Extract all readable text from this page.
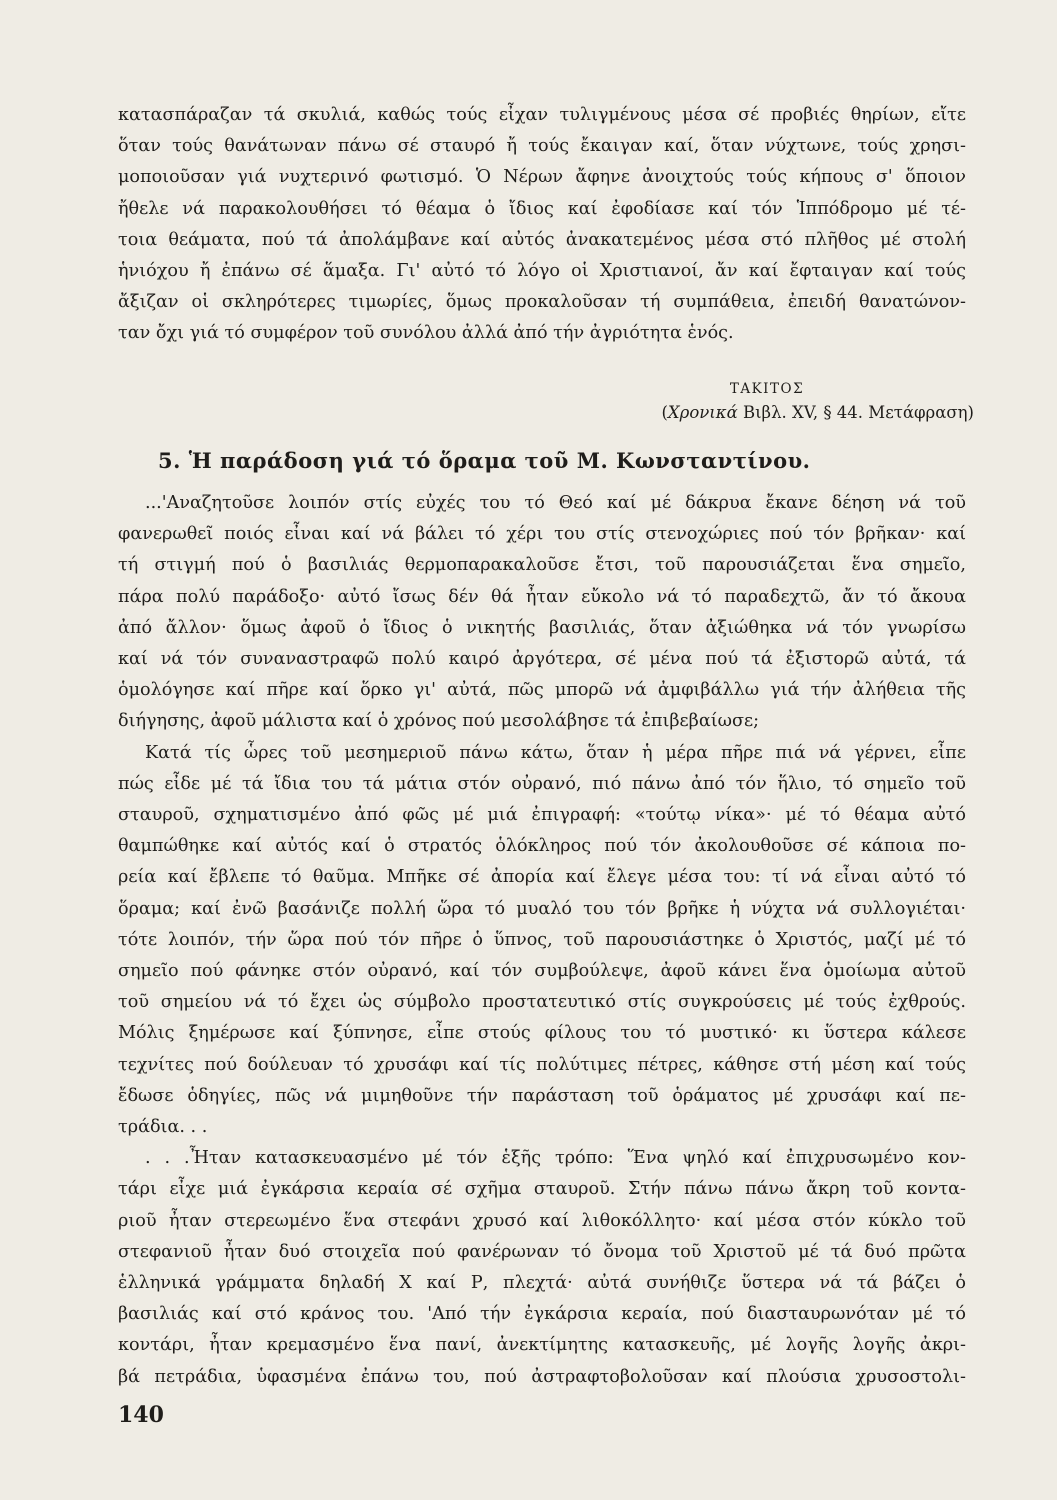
κατασπάραζαν τά σκυλιά, καθώς τούς εἶχαν τυλιγμένους μέσα σέ προβιές θηρίων, εἴτε
ὅταν τούς θανάτωναν πάνω σέ σταυρό ἤ τούς ἔκαιγαν καί, ὅταν νύχτωνε, τούς χρησι-
μοποιοῦσαν γιά νυχτερινό φωτισμό. Ὁ Νέρων ἄφηνε ἀνοιχτούς τούς κήπους σ' ὅποιον
ἤθελε νά παρακολουθήσει τό θέαμα ὁ ἴδιος καί ἐφοδίασε καί τόν Ἱππόδρομο μέ τέ-
τοια θεάματα, πού τά ἀπολάμβανε καί αὐτός ἀνακατεμένος μέσα στό πλῆθος μέ στολή
ἡνιόχου ἤ ἐπάνω σέ ἅμαξα. Γι' αὐτό τό λόγο οἱ Χριστιανοί, ἄν καί ἔφταιγαν καί τούς
ἄξιζαν οἱ σκληρότερες τιμωρίες, ὅμως προκαλοῦσαν τή συμπάθεια, ἐπειδή θανατώνον-
ταν ὄχι γιά τό συμφέρον τοῦ συνόλου ἀλλά ἀπό τήν ἀγριότητα ἑνός.
ΤΑΚΙΤΟΣ
(Χρονικά Βιβλ. XV, § 44. Μετάφραση)
5. Ἡ παράδοση γιά τό ὅραμα τοῦ Μ. Κωνσταντίνου.
...'Αναζητοῦσε λοιπόν στίς εὐχές του τό Θεό καί μέ δάκρυα ἔκανε δέηση νά τοῦ
φανερωθεῖ ποιός εἶναι καί νά βάλει τό χέρι του στίς στενοχώριες πού τόν βρῆκαν· καί
τή στιγμή πού ὁ βασιλιάς θερμοπαρακαλοῦσε ἔτσι, τοῦ παρουσιάζεται ἕνα σημεῖο,
πάρα πολύ παράδοξο· αὐτό ἴσως δέν θά ἦταν εὔκολο νά τό παραδεχτῶ, ἄν τό ἄκουα
ἀπό ἄλλον· ὅμως ἀφοῦ ὁ ἴδιος ὁ νικητής βασιλιάς, ὅταν ἀξιώθηκα νά τόν γνωρίσω
καί νά τόν συναναστραφῶ πολύ καιρό ἀργότερα, σέ μένα πού τά ἐξιστορῶ αὐτά, τά
ὁμολόγησε καί πῆρε καί ὅρκο γι' αὐτά, πῶς μπορῶ νά ἀμφιβάλλω γιά τήν ἀλήθεια τῆς
διήγησης, ἀφοῦ μάλιστα καί ὁ χρόνος πού μεσολάβησε τά ἐπιβεβαίωσε;
Κατά τίς ὧρες τοῦ μεσημεριοῦ πάνω κάτω, ὅταν ἡ μέρα πῆρε πιά νά γέρνει, εἶπε
πώς εἶδε μέ τά ἴδια του τά μάτια στόν οὐρανό, πιό πάνω ἀπό τόν ἥλιο, τό σημεῖο τοῦ
σταυροῦ, σχηματισμένο ἀπό φῶς μέ μιά ἐπιγραφή: «τούτῳ νίκα»· μέ τό θέαμα αὐτό
θαμπώθηκε καί αὐτός καί ὁ στρατός ὁλόκληρος πού τόν ἀκολουθοῦσε σέ κάποια πο-
ρεία καί ἔβλεπε τό θαῦμα. Μπῆκε σέ ἀπορία καί ἔλεγε μέσα του: τί νά εἶναι αὐτό τό
ὅραμα; καί ἐνῶ βασάνιζε πολλή ὥρα τό μυαλό του τόν βρῆκε ἡ νύχτα νά συλλογιέται·
τότε λοιπόν, τήν ὥρα πού τόν πῆρε ὁ ὕπνος, τοῦ παρουσιάστηκε ὁ Χριστός, μαζί μέ τό
σημεῖο πού φάνηκε στόν οὐρανό, καί τόν συμβούλεψε, ἀφοῦ κάνει ἕνα ὁμοίωμα αὐτοῦ
τοῦ σημείου νά τό ἔχει ὡς σύμβολο προστατευτικό στίς συγκρούσεις μέ τούς ἐχθρούς.
Μόλις ξημέρωσε καί ξύπνησε, εἶπε στούς φίλους του τό μυστικό· κι ὕστερα κάλεσε
τεχνίτες πού δούλευαν τό χρυσάφι καί τίς πολύτιμες πέτρες, κάθησε στή μέση καί τούς
ἔδωσε ὁδηγίες, πῶς νά μιμηθοῦνε τήν παράσταση τοῦ ὁράματος μέ χρυσάφι καί πε-
τράδια. . .
. . .Ἦταν κατασκευασμένο μέ τόν ἑξῆς τρόπο: Ἕνα ψηλό καί ἐπιχρυσωμένο κον-
τάρι εἶχε μιά ἐγκάρσια κεραία σέ σχῆμα σταυροῦ. Στήν πάνω πάνω ἄκρη τοῦ κοντα-
ριοῦ ἦταν στερεωμένο ἕνα στεφάνι χρυσό καί λιθοκόλλητο· καί μέσα στόν κύκλο τοῦ
στεφανιοῦ ἦταν δυό στοιχεῖα πού φανέρωναν τό ὄνομα τοῦ Χριστοῦ μέ τά δυό πρῶτα
ἑλληνικά γράμματα δηλαδή Χ καί Ρ, πλεχτά· αὐτά συνήθιζε ὕστερα νά τά βάζει ὁ
βασιλιάς καί στό κράνος του. 'Από τήν ἐγκάρσια κεραία, πού διασταυρωνόταν μέ τό
κοντάρι, ἦταν κρεμασμένο ἕνα πανί, ἀνεκτίμητης κατασκευῆς, μέ λογῆς λογῆς ἀκρι-
βά πετράδια, ὑφασμένα ἐπάνω του, πού ἀστραφτοβολοῦσαν καί πλούσια χρυσοστολι-
140
